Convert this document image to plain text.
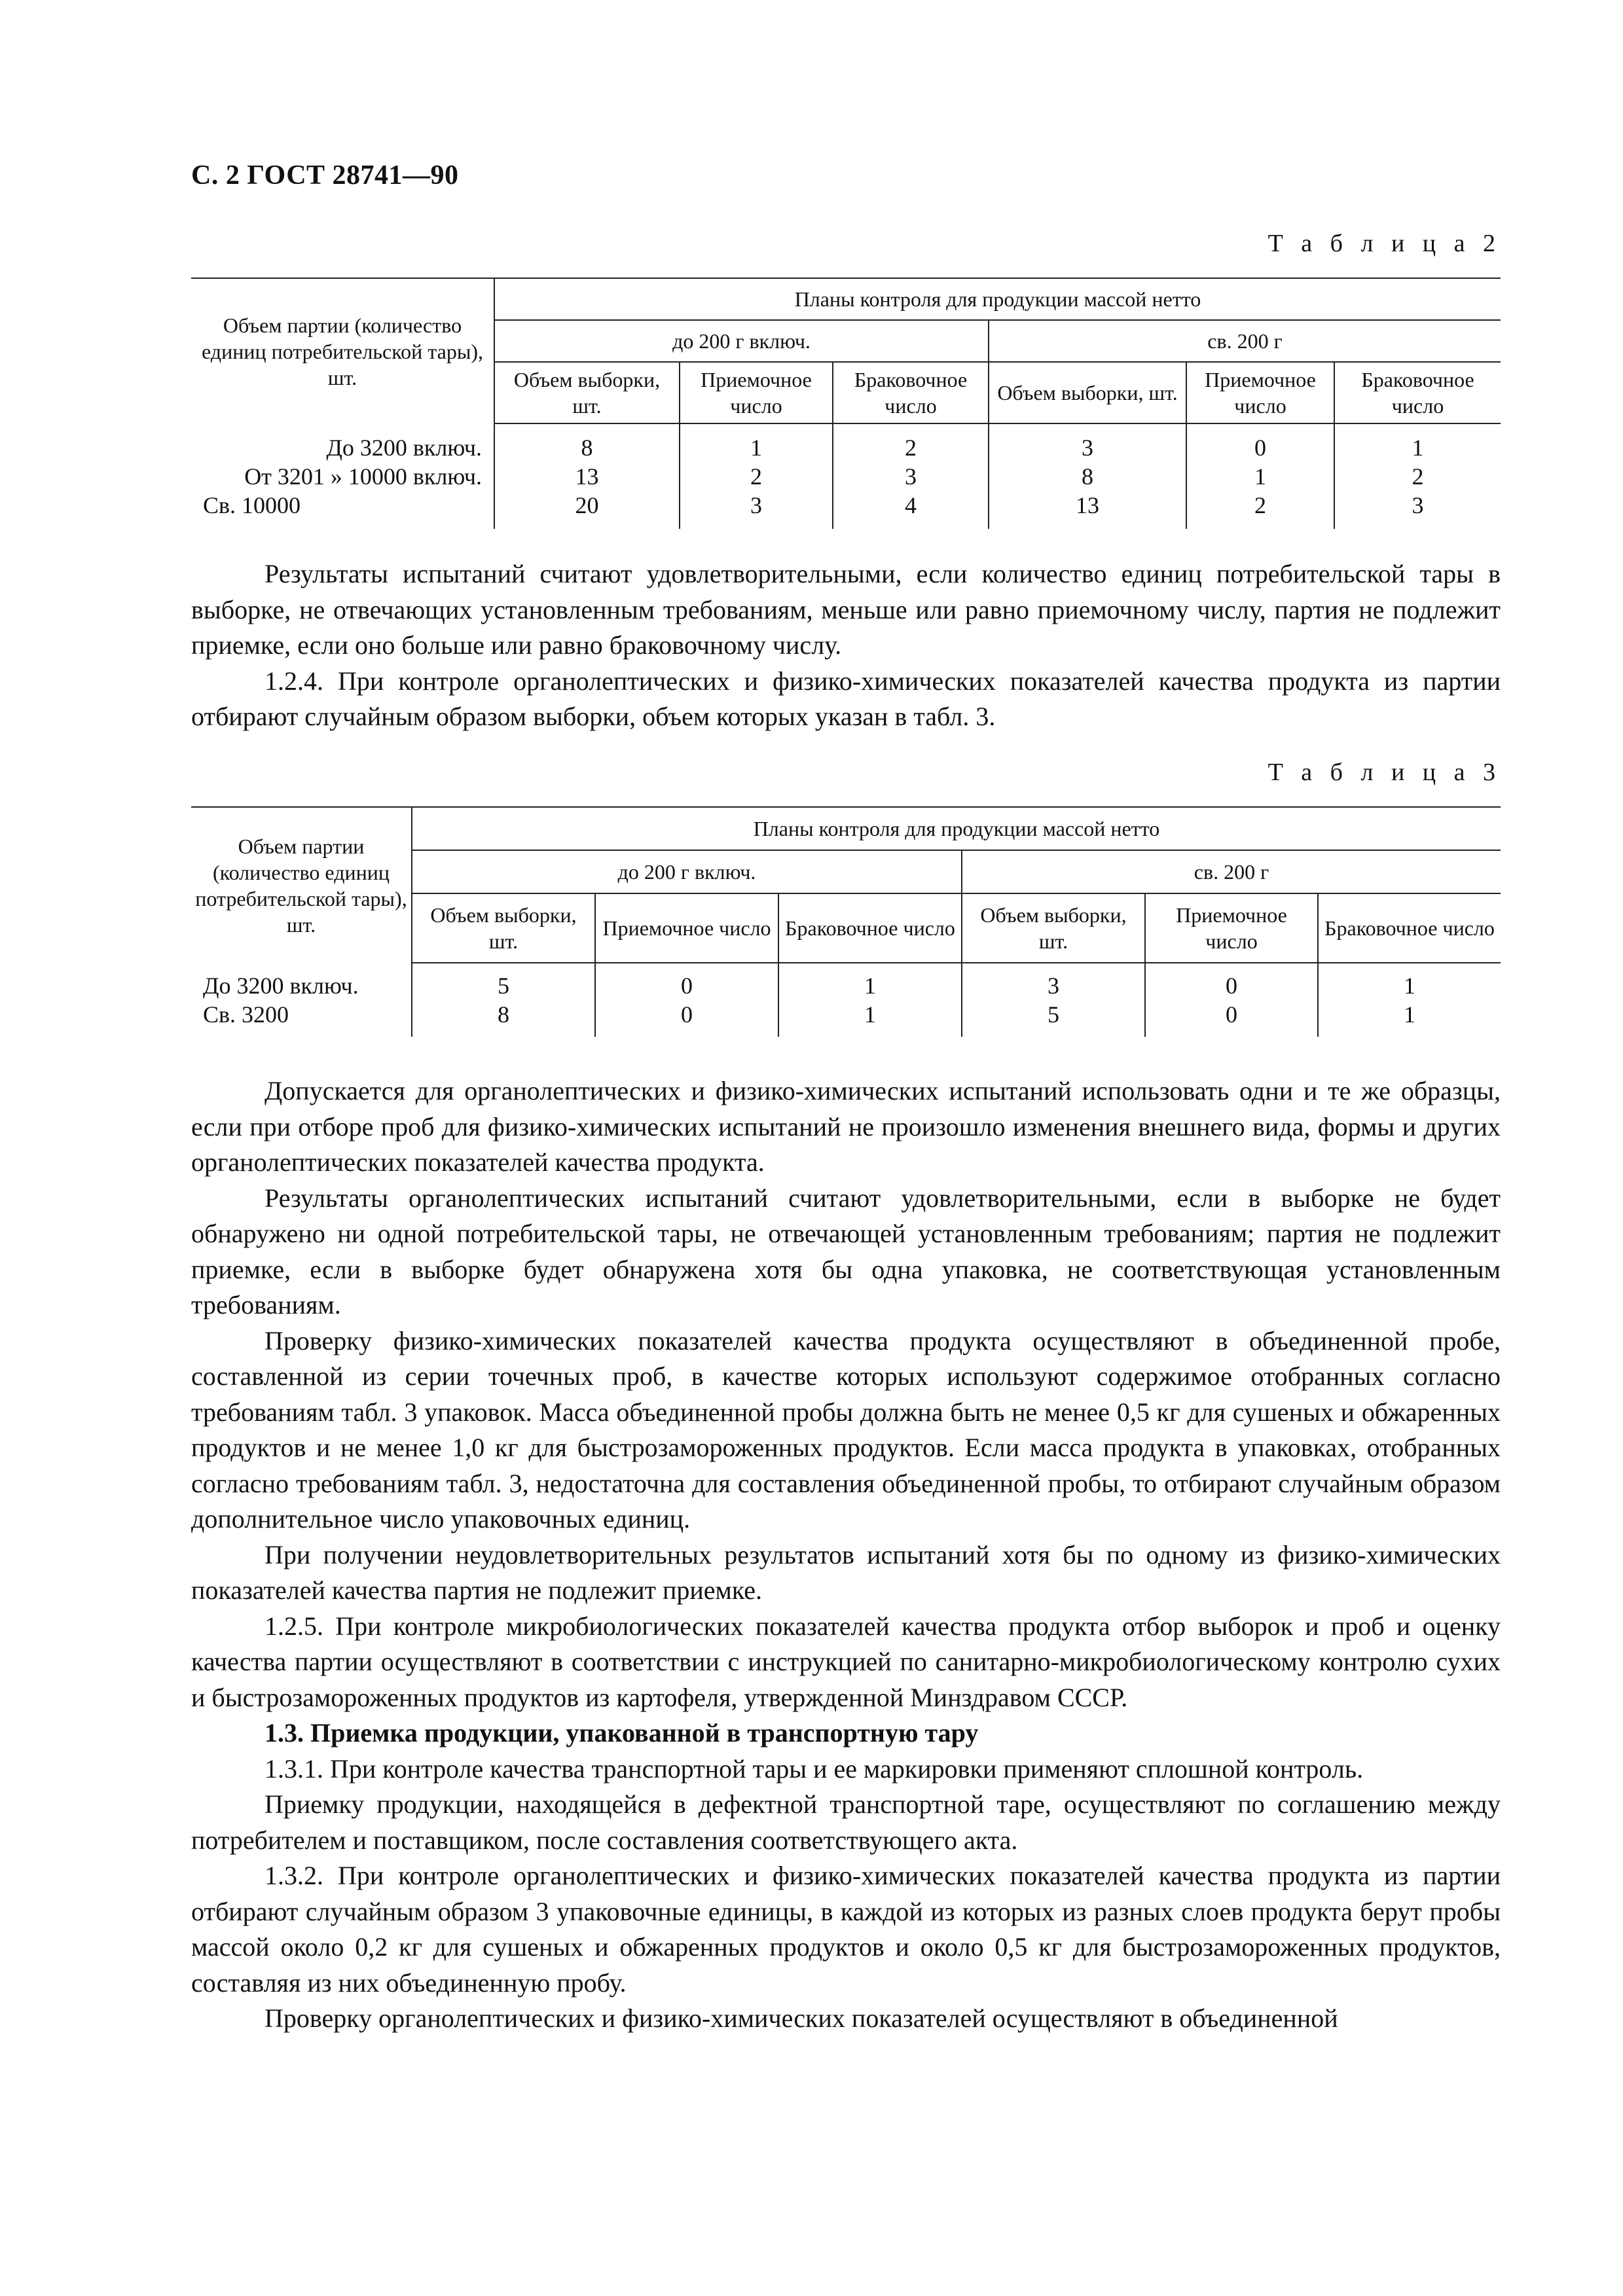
С. 2 ГОСТ 28741—90
Т а б л и ц а 2
Объем партии (количество единиц потребительской тары), шт.	Планы контроля для продукции массой нетто					
	до 200 г включ.			св. 200 г		
	Объем выборки, шт.	Приемочное число	Браковочное число	Объем выборки, шт.	Приемочное число	Браковочное число
До 3200 включ.	8	1	2	3	0	1
От 3201 » 10000 включ.	13	2	3	8	1	2
Св. 10000	20	3	4	13	2	3

Результаты испытаний считают удовлетворительными, если количество единиц потребительской тары в выборке, не отвечающих установленным требованиям, меньше или равно приемочному числу, партия не подлежит приемке, если оно больше или равно браковочному числу.

1.2.4. При контроле органолептических и физико-химических показателей качества продукта из партии отбирают случайным образом выборки, объем которых указан в табл. 3.

Т а б л и ц а 3
Объем партии (количество единиц потребительской тары), шт.	Планы контроля для продукции массой нетто					
	до 200 г включ.			св. 200 г		
	Объем выборки, шт.	Приемочное число	Браковочное число	Объем выборки, шт.	Приемочное число	Браковочное число
До 3200 включ.	5	0	1	3	0	1
Св. 3200	8	0	1	5	0	1

Допускается для органолептических и физико-химических испытаний использовать одни и те же образцы, если при отборе проб для физико-химических испытаний не произошло изменения внешнего вида, формы и других органолептических показателей качества продукта.

Результаты органолептических испытаний считают удовлетворительными, если в выборке не будет обнаружено ни одной потребительской тары, не отвечающей установленным требованиям; партия не подлежит приемке, если в выборке будет обнаружена хотя бы одна упаковка, не соответствующая установленным требованиям.

Проверку физико-химических показателей качества продукта осуществляют в объединенной пробе, составленной из серии точечных проб, в качестве которых используют содержимое отобранных согласно требованиям табл. 3 упаковок. Масса объединенной пробы должна быть не менее 0,5 кг для сушеных и обжаренных продуктов и не менее 1,0 кг для быстрозамороженных продуктов. Если масса продукта в упаковках, отобранных согласно требованиям табл. 3, недостаточна для составления объединенной пробы, то отбирают случайным образом дополнительное число упаковочных единиц.

При получении неудовлетворительных результатов испытаний хотя бы по одному из физико-химических показателей качества партия не подлежит приемке.

1.2.5. При контроле микробиологических показателей качества продукта отбор выборок и проб и оценку качества партии осуществляют в соответствии с инструкцией по санитарно-микробиологическому контролю сухих и быстрозамороженных продуктов из картофеля, утвержденной Минздравом СССР.

1.3. Приемка продукции, упакованной в транспортную тару

1.3.1. При контроле качества транспортной тары и ее маркировки применяют сплошной контроль.

Приемку продукции, находящейся в дефектной транспортной таре, осуществляют по соглашению между потребителем и поставщиком, после составления соответствующего акта.

1.3.2. При контроле органолептических и физико-химических показателей качества продукта из партии отбирают случайным образом 3 упаковочные единицы, в каждой из которых из разных слоев продукта берут пробы массой около 0,2 кг для сушеных и обжаренных продуктов и около 0,5 кг для быстрозамороженных продуктов, составляя из них объединенную пробу.

Проверку органолептических и физико-химических показателей осуществляют в объединенной
